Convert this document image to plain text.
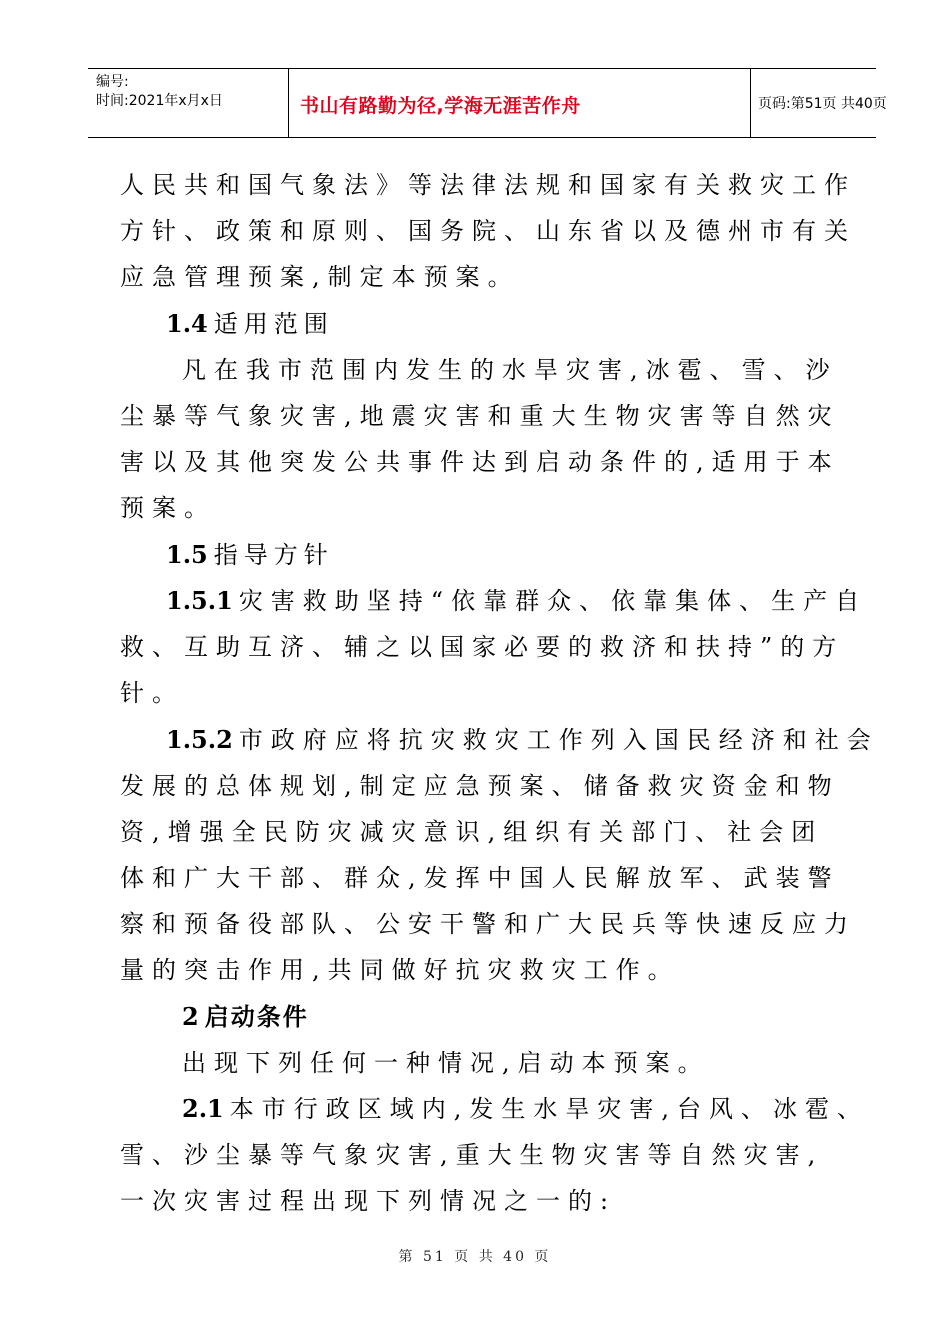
编号:
时间:2021年x月x日	书山有路勤为径,学海无涯苦作舟	页码:第51页 共40页
人民共和国气象法》等法律法规和国家有关救灾工作
方针、政策和原则、国务院、山东省以及德州市有关
应急管理预案,制定本预案。
1.4 适用范围
凡在我市范围内发生的水旱灾害,冰雹、雪、沙
尘暴等气象灾害,地震灾害和重大生物灾害等自然灾
害以及其他突发公共事件达到启动条件的,适用于本
预案。
1.5 指导方针
1.5.1 灾害救助坚持“依靠群众、依靠集体、生产自
救、互助互济、辅之以国家必要的救济和扶持”的方
针。
1.5.2 市政府应将抗灾救灾工作列入国民经济和社会
发展的总体规划,制定应急预案、储备救灾资金和物
资,增强全民防灾减灾意识,组织有关部门、社会团
体和广大干部、群众,发挥中国人民解放军、武装警
察和预备役部队、公安干警和广大民兵等快速反应力
量的突击作用,共同做好抗灾救灾工作。
2 启动条件
出现下列任何一种情况,启动本预案。
2.1 本市行政区域内,发生水旱灾害,台风、冰雹、
雪、沙尘暴等气象灾害,重大生物灾害等自然灾害,
一次灾害过程出现下列情况之一的:
第 51 页 共 40 页
